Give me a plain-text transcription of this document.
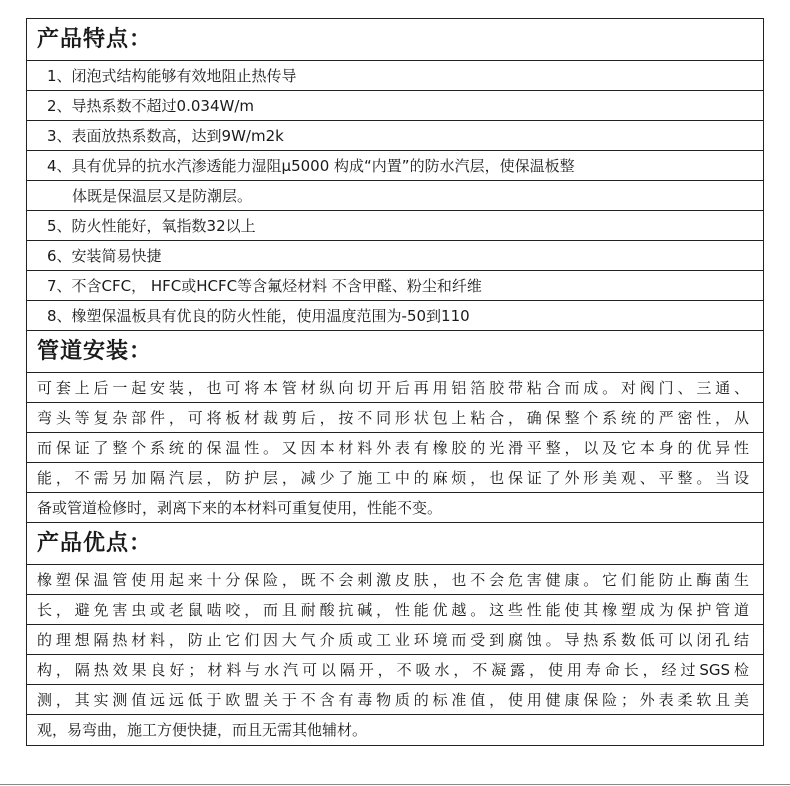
产品特点：
1、闭泡式结构能够有效地阻止热传导
2、导热系数不超过0.034W/m
3、表面放热系数高，达到9W/m2k
4、具有优异的抗水汽渗透能力湿阻μ5000 构成“内置”的防水汽层，使保温板整
体既是保温层又是防潮层。
5、防火性能好，氧指数32以上
6、安装简易快捷
7、不含CFC， HFC或HCFC等含氟烃材料 不含甲醛、粉尘和纤维
8、橡塑保温板具有优良的防火性能，使用温度范围为-50到110
管道安装：
可套上后一起安装，也可将本管材纵向切开后再用铝箔胶带粘合而成。对阀门、三通、
弯头等复杂部件，可将板材裁剪后，按不同形状包上粘合，确保整个系统的严密性，从
而保证了整个系统的保温性。又因本材料外表有橡胶的光滑平整，以及它本身的优异性
能，不需另加隔汽层，防护层，减少了施工中的麻烦，也保证了外形美观、平整。当设
备或管道检修时，剥离下来的本材料可重复使用，性能不变。
产品优点：
橡塑保温管使用起来十分保险，既不会刺激皮肤，也不会危害健康。它们能防止酶菌生
长，避免害虫或老鼠啮咬，而且耐酸抗碱，性能优越。这些性能使其橡塑成为保护管道
的理想隔热材料，防止它们因大气介质或工业环境而受到腐蚀。导热系数低可以闭孔结
构，隔热效果良好；材料与水汽可以隔开，不吸水，不凝露，使用寿命长，经过SGS检
测，其实测值远远低于欧盟关于不含有毒物质的标准值，使用健康保险；外表柔软且美
观，易弯曲，施工方便快捷，而且无需其他辅材。
